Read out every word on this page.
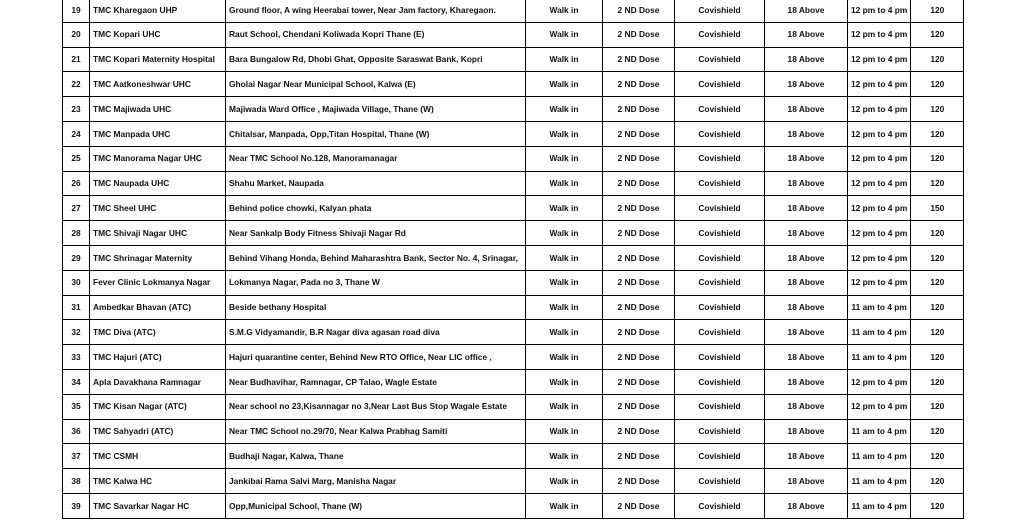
19	TMC Kharegaon UHP	Ground floor, A wing Heerabai tower, Near Jam factory, Kharegaon.	Walk in	2 ND Dose	Covishield	18 Above	12 pm to 4 pm	120
20	TMC Kopari UHC	Raut School, Chendani Koliwada Kopri Thane (E)	Walk in	2 ND Dose	Covishield	18 Above	12 pm to 4 pm	120
21	TMC Kopari Maternity Hospital	Bara Bungalow Rd, Dhobi Ghat, Opposite Saraswat Bank, Kopri	Walk in	2 ND Dose	Covishield	18 Above	12 pm to 4 pm	120
22	TMC Aatkoneshwar UHC	Gholai Nagar Near Municipal School, Kalwa (E)	Walk in	2 ND Dose	Covishield	18 Above	12 pm to 4 pm	120
23	TMC Majiwada UHC	Majiwada Ward Office , Majiwada Village, Thane (W)	Walk in	2 ND Dose	Covishield	18 Above	12 pm to 4 pm	120
24	TMC Manpada UHC	Chitalsar, Manpada, Opp,Titan Hospital, Thane (W)	Walk in	2 ND Dose	Covishield	18 Above	12 pm to 4 pm	120
25	TMC Manorama Nagar UHC	Near TMC School No.128, Manoramanagar	Walk in	2 ND Dose	Covishield	18 Above	12 pm to 4 pm	120
26	TMC Naupada UHC	Shahu Market, Naupada	Walk in	2 ND Dose	Covishield	18 Above	12 pm to 4 pm	120
27	TMC Sheel UHC	Behind police chowki, Kalyan phata	Walk in	2 ND Dose	Covishield	18 Above	12 pm to 4 pm	150
28	TMC Shivaji Nagar UHC	Near Sankalp Body Fitness Shivaji Nagar Rd	Walk in	2 ND Dose	Covishield	18 Above	12 pm to 4 pm	120
29	TMC Shrinagar Maternity	Behind Vihang Honda, Behind Maharashtra Bank, Sector No. 4, Srinagar,	Walk in	2 ND Dose	Covishield	18 Above	12 pm to 4 pm	120
30	Fever Clinic Lokmanya Nagar	Lokmanya Nagar, Pada no 3, Thane W	Walk in	2 ND Dose	Covishield	18 Above	12 pm to 4 pm	120
31	Ambedkar Bhavan (ATC)	Beside bethany Hospital	Walk in	2 ND Dose	Covishield	18 Above	11 am to 4 pm	120
32	TMC Diva (ATC)	S.M.G Vidyamandir, B.R Nagar diva agasan road diva	Walk in	2 ND Dose	Covishield	18 Above	11 am to 4 pm	120
33	TMC Hajuri (ATC)	Hajuri quarantine center, Behind New RTO Office, Near LIC office ,	Walk in	2 ND Dose	Covishield	18 Above	11 am to 4 pm	120
34	Apla Davakhana Ramnagar	Near Budhavihar, Ramnagar, CP Talao, Wagle Estate	Walk in	2 ND Dose	Covishield	18 Above	12 pm to 4 pm	120
35	TMC Kisan Nagar (ATC)	Near school no 23,Kisannagar no 3,Near Last Bus Stop Wagale Estate	Walk in	2 ND Dose	Covishield	18 Above	12 pm to 4 pm	120
36	TMC Sahyadri (ATC)	Near TMC School no.29/70, Near Kalwa Prabhag Samiti	Walk in	2 ND Dose	Covishield	18 Above	11 am to 4 pm	120
37	TMC CSMH	Budhaji Nagar, Kalwa, Thane	Walk in	2 ND Dose	Covishield	18 Above	11 am to 4 pm	120
38	TMC Kalwa HC	Jankibai Rama Salvi Marg, Manisha Nagar	Walk in	2 ND Dose	Covishield	18 Above	11 am to 4 pm	120
39	TMC Savarkar Nagar HC	Opp,Municipal School, Thane (W)	Walk in	2 ND Dose	Covishield	18 Above	11 am to 4 pm	120
